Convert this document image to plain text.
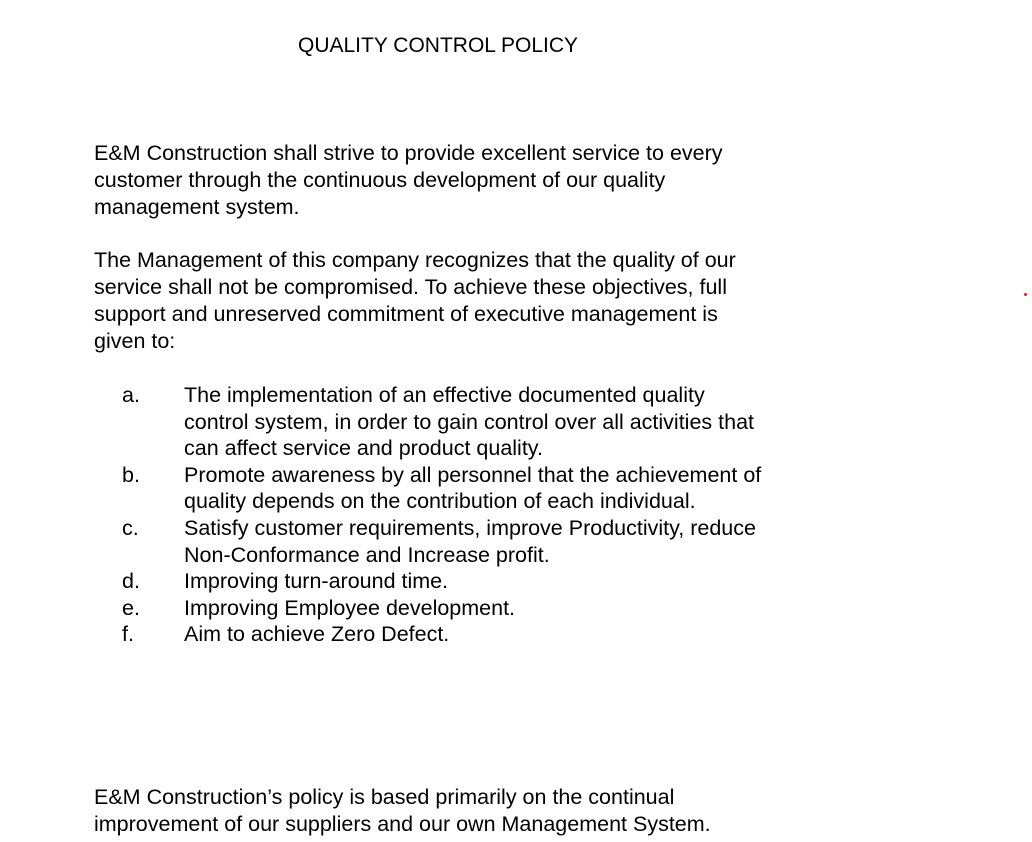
QUALITY CONTROL POLICY

E&M Construction shall strive to provide excellent service to every
customer through the continuous development of our quality
management system.

The Management of this company recognizes that the quality of our
service shall not be compromised. To achieve these objectives, full
support and unreserved commitment of executive management is
given to:

a. The implementation of an effective documented quality
control system, in order to gain control over all activities that
can affect service and product quality.
b. Promote awareness by all personnel that the achievement of
quality depends on the contribution of each individual.
c. Satisfy customer requirements, improve Productivity, reduce
Non-Conformance and Increase profit.
d. Improving turn-around time.
e. Improving Employee development.
f. Aim to achieve Zero Defect.

E&M Construction’s policy is based primarily on the continual
improvement of our suppliers and our own Management System.
